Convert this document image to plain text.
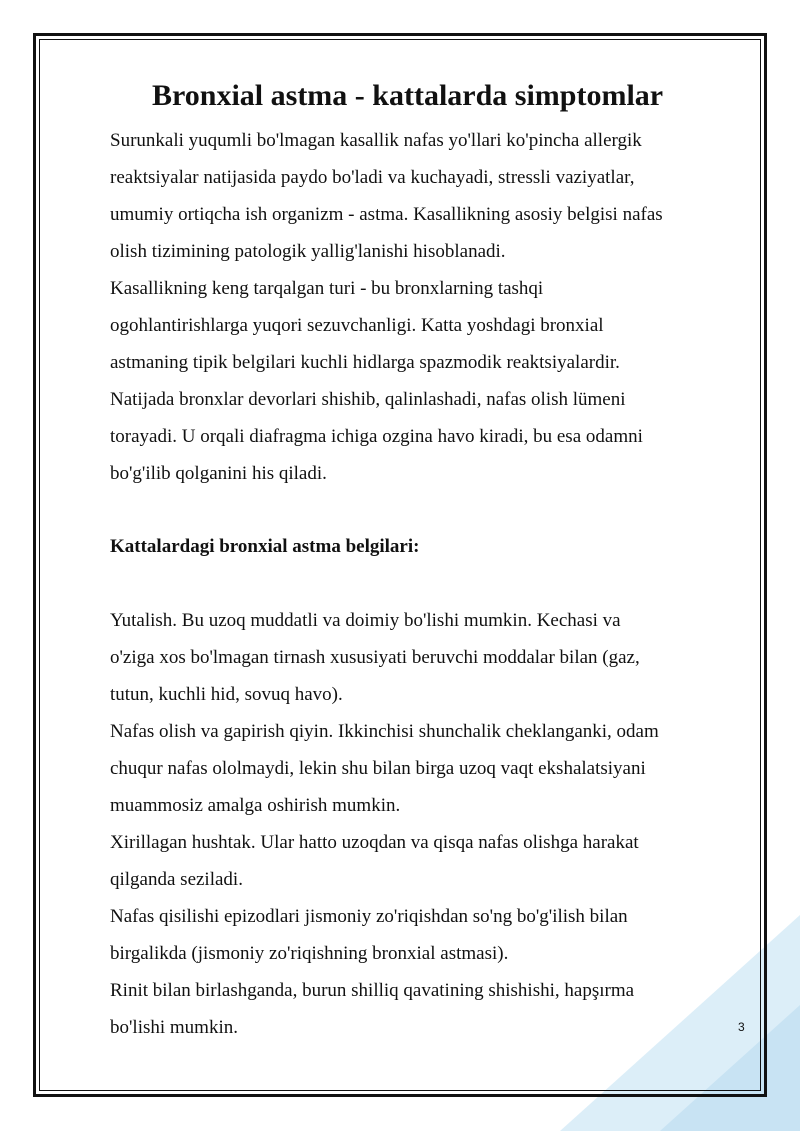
Bronxial astma - kattalarda simptomlar

Surunkali yuqumli bo'lmagan kasallik nafas yo'llari ko'pincha allergik

reaktsiyalar natijasida paydo bo'ladi va kuchayadi, stressli vaziyatlar,

umumiy ortiqcha ish organizm - astma. Kasallikning asosiy belgisi nafas

olish tizimining patologik yallig'lanishi hisoblanadi.

Kasallikning keng tarqalgan turi - bu bronxlarning tashqi

ogohlantirishlarga yuqori sezuvchanligi. Katta yoshdagi bronxial

astmaning tipik belgilari kuchli hidlarga spazmodik reaktsiyalardir.

Natijada bronxlar devorlari shishib, qalinlashadi, nafas olish lümeni

torayadi. U orqali diafragma ichiga ozgina havo kiradi, bu esa odamni

bo'g'ilib qolganini his qiladi.

Kattalardagi bronxial astma belgilari:

Yutalish. Bu uzoq muddatli va doimiy bo'lishi mumkin. Kechasi va

o'ziga xos bo'lmagan tirnash xususiyati beruvchi moddalar bilan (gaz,

tutun, kuchli hid, sovuq havo).

Nafas olish va gapirish qiyin. Ikkinchisi shunchalik cheklanganki, odam

chuqur nafas ololmaydi, lekin shu bilan birga uzoq vaqt ekshalatsiyani

muammosiz amalga oshirish mumkin.

Xirillagan hushtak. Ular hatto uzoqdan va qisqa nafas olishga harakat

qilganda seziladi.

Nafas qisilishi epizodlari jismoniy zo'riqishdan so'ng bo'g'ilish bilan

birgalikda (jismoniy zo'riqishning bronxial astmasi).

Rinit bilan birlashganda, burun shilliq qavatining shishishi, hapşırma

bo'lishi mumkin.	3
